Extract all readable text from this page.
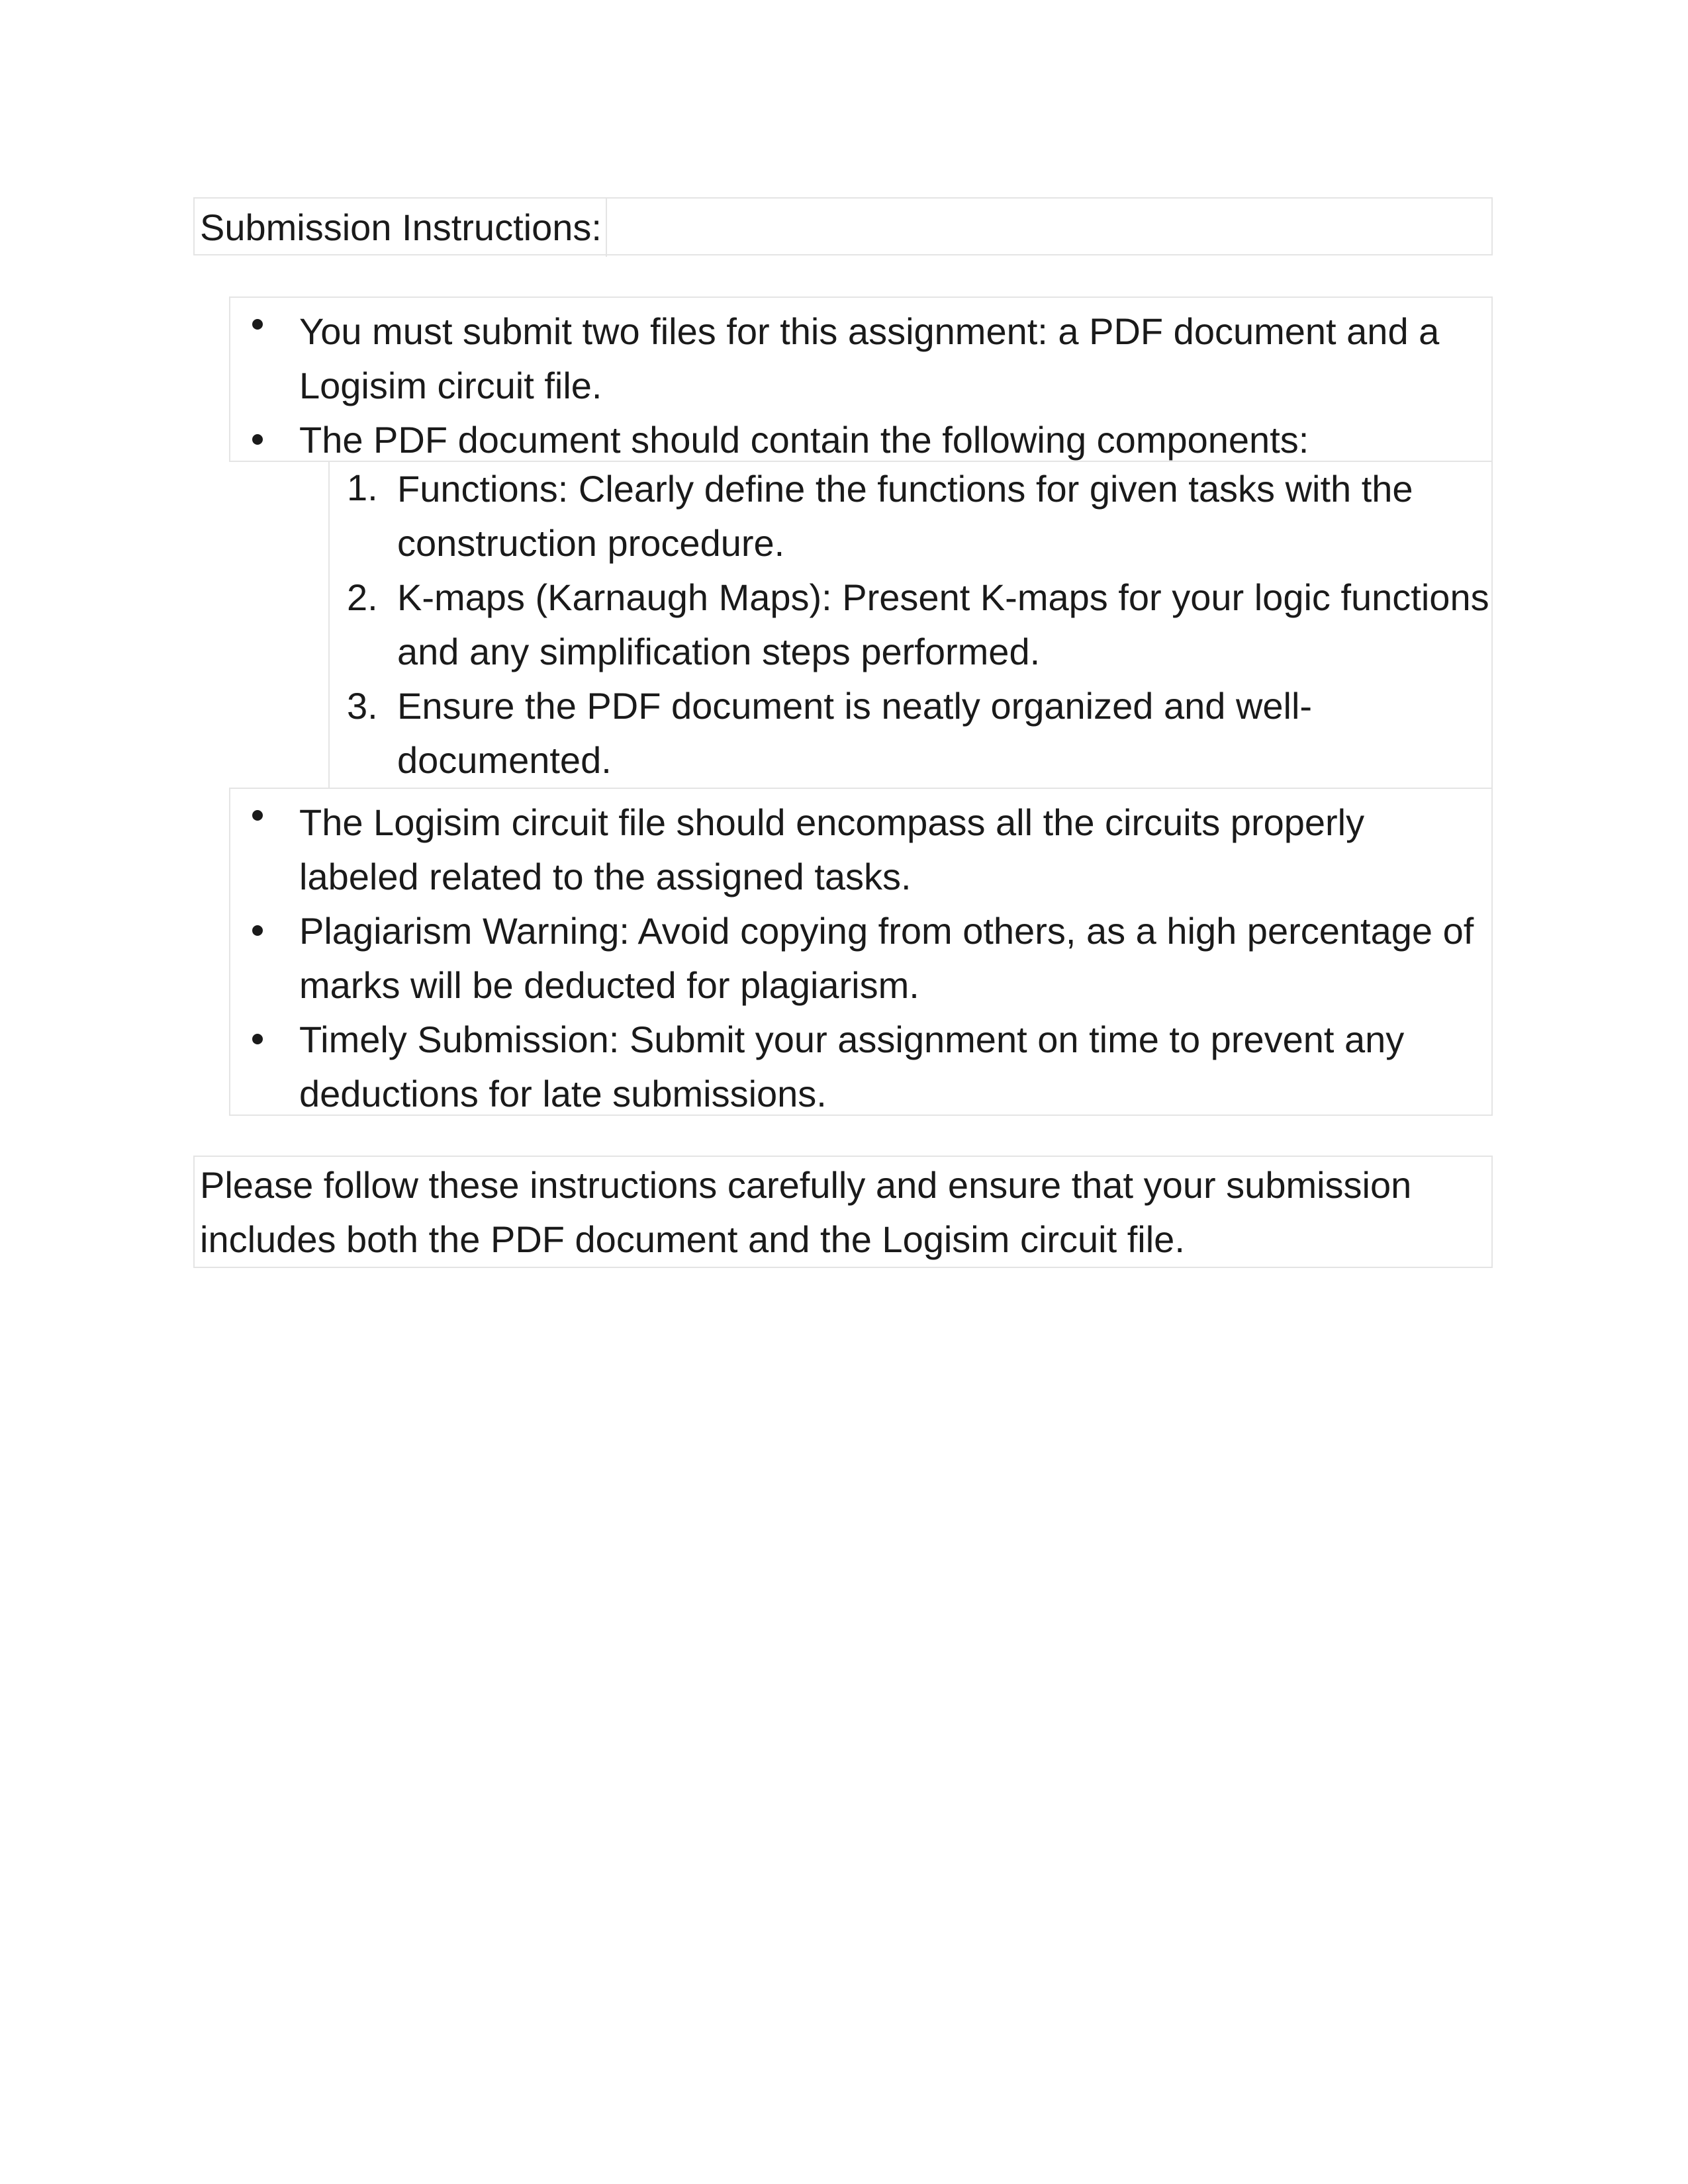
Submission Instructions:
You must submit two files for this assignment: a PDF document and a
Logisim circuit file.
The PDF document should contain the following components:
1. Functions: Clearly define the functions for given tasks with the
construction procedure.
2. K-maps (Karnaugh Maps): Present K-maps for your logic functions
and any simplification steps performed.
3. Ensure the PDF document is neatly organized and well-
documented.
The Logisim circuit file should encompass all the circuits properly
labeled related to the assigned tasks.
Plagiarism Warning: Avoid copying from others, as a high percentage of
marks will be deducted for plagiarism.
Timely Submission: Submit your assignment on time to prevent any
deductions for late submissions.
Please follow these instructions carefully and ensure that your submission
includes both the PDF document and the Logisim circuit file.
